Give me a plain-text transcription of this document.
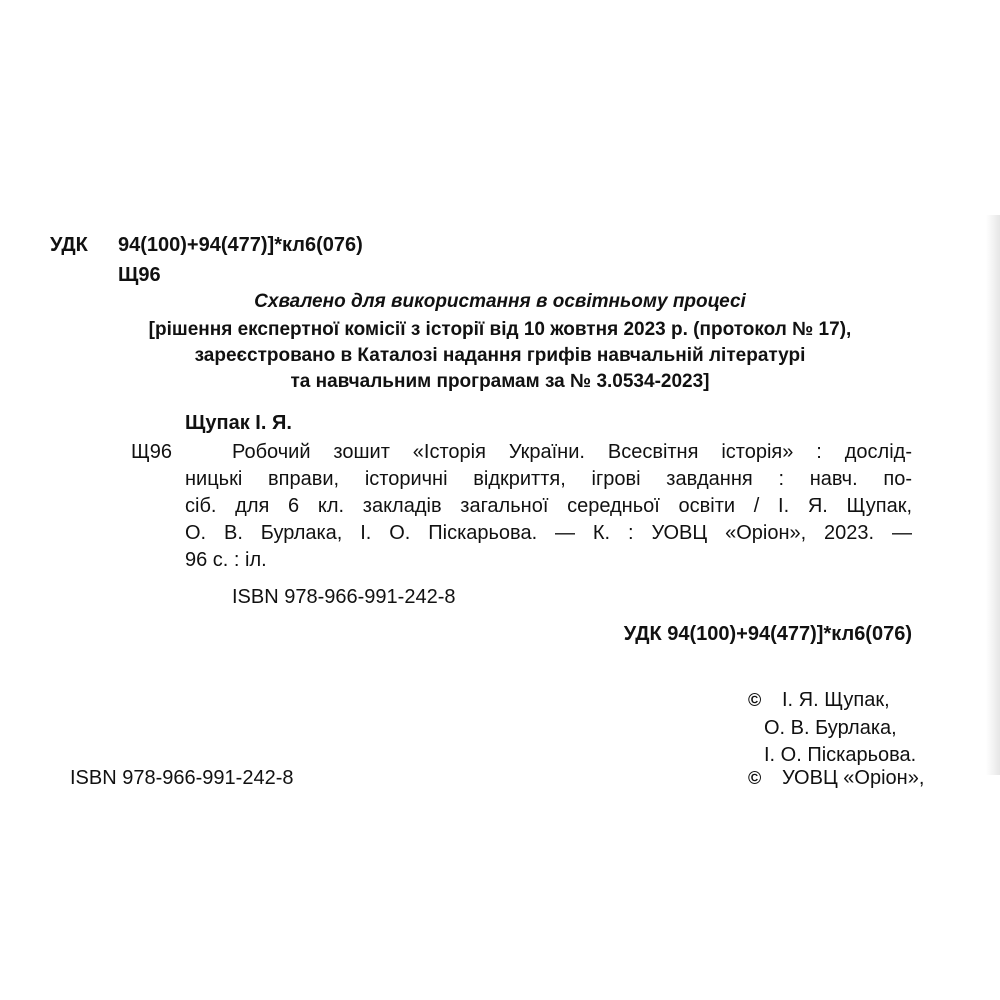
УДК 94(100)+94(477)]*кл6(076)
Щ96
Схвалено для використання в освітньому процесі
[рішення експертної комісії з історії від 10 жовтня 2023 р. (протокол № 17),
зареєстровано в Каталозі надання грифів навчальній літературі
та навчальним програмам за № 3.0534-2023]
Щупак І. Я.
Щ96	Робочий зошит «Історія України. Всесвітня історія» : дослід-
ницькі вправи, історичні відкриття, ігрові завдання : навч. по-
сіб. для 6 кл. закладів загальної середньої освіти / І. Я. Щупак,
О. В. Бурлака, І. О. Піскарьова. — К. : УОВЦ «Оріон», 2023. —
96 с. : іл.
ISBN 978-966-991-242-8
УДК 94(100)+94(477)]*кл6(076)
© І. Я. Щупак,
О. В. Бурлака,
І. О. Піскарьова.
ISBN 978-966-991-242-8	© УОВЦ «Оріон»,
